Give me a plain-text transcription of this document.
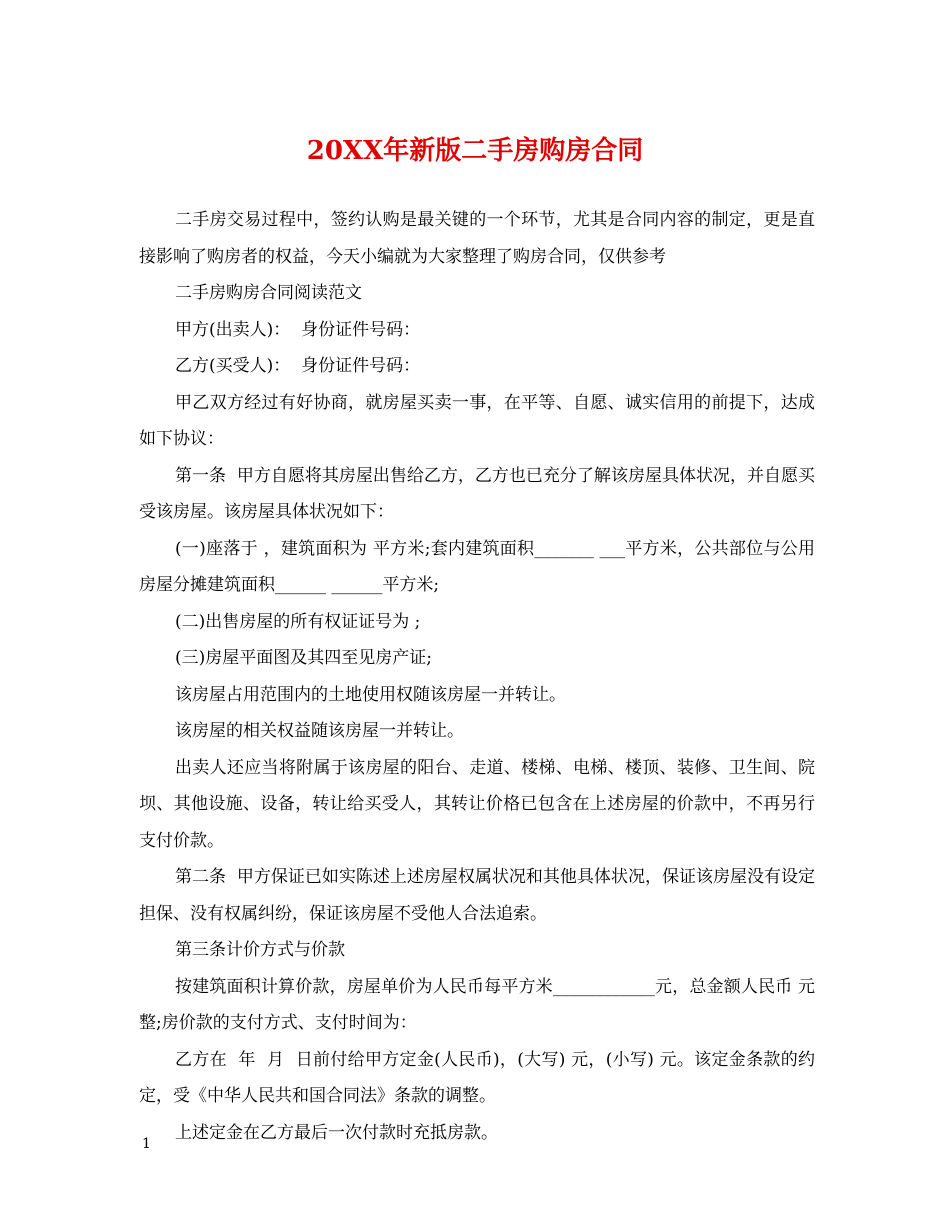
20XX年新版二手房购房合同

二手房交易过程中，签约认购是最关键的一个环节，尤其是合同内容的制定，更是直接影响了购房者的权益，今天小编就为大家整理了购房合同，仅供参考

二手房购房合同阅读范文

甲方(出卖人)：  身份证件号码：

乙方(买受人)：  身份证件号码：

甲乙双方经过有好协商，就房屋买卖一事，在平等、自愿、诚实信用的前提下，达成如下协议：

第一条  甲方自愿将其房屋出售给乙方，乙方也已充分了解该房屋具体状况，并自愿买受该房屋。该房屋具体状况如下：

(一)座落于 ，建筑面积为 平方米;套内建筑面积_______ ___平方米，公共部位与公用房屋分摊建筑面积______ ______平方米;

(二)出售房屋的所有权证证号为 ;

(三)房屋平面图及其四至见房产证;

该房屋占用范围内的土地使用权随该房屋一并转让。

该房屋的相关权益随该房屋一并转让。

出卖人还应当将附属于该房屋的阳台、走道、楼梯、电梯、楼顶、装修、卫生间、院坝、其他设施、设备，转让给买受人，其转让价格已包含在上述房屋的价款中，不再另行支付价款。

第二条  甲方保证已如实陈述上述房屋权属状况和其他具体状况，保证该房屋没有设定担保、没有权属纠纷，保证该房屋不受他人合法追索。

第三条计价方式与价款

按建筑面积计算价款，房屋单价为人民币每平方米____________元，总金额人民币 元整;房价款的支付方式、支付时间为：

乙方在  年  月  日前付给甲方定金(人民币)，(大写) 元，(小写) 元。该定金条款的约定，受《中华人民共和国合同法》条款的调整。

上述定金在乙方最后一次付款时充抵房款。

1
